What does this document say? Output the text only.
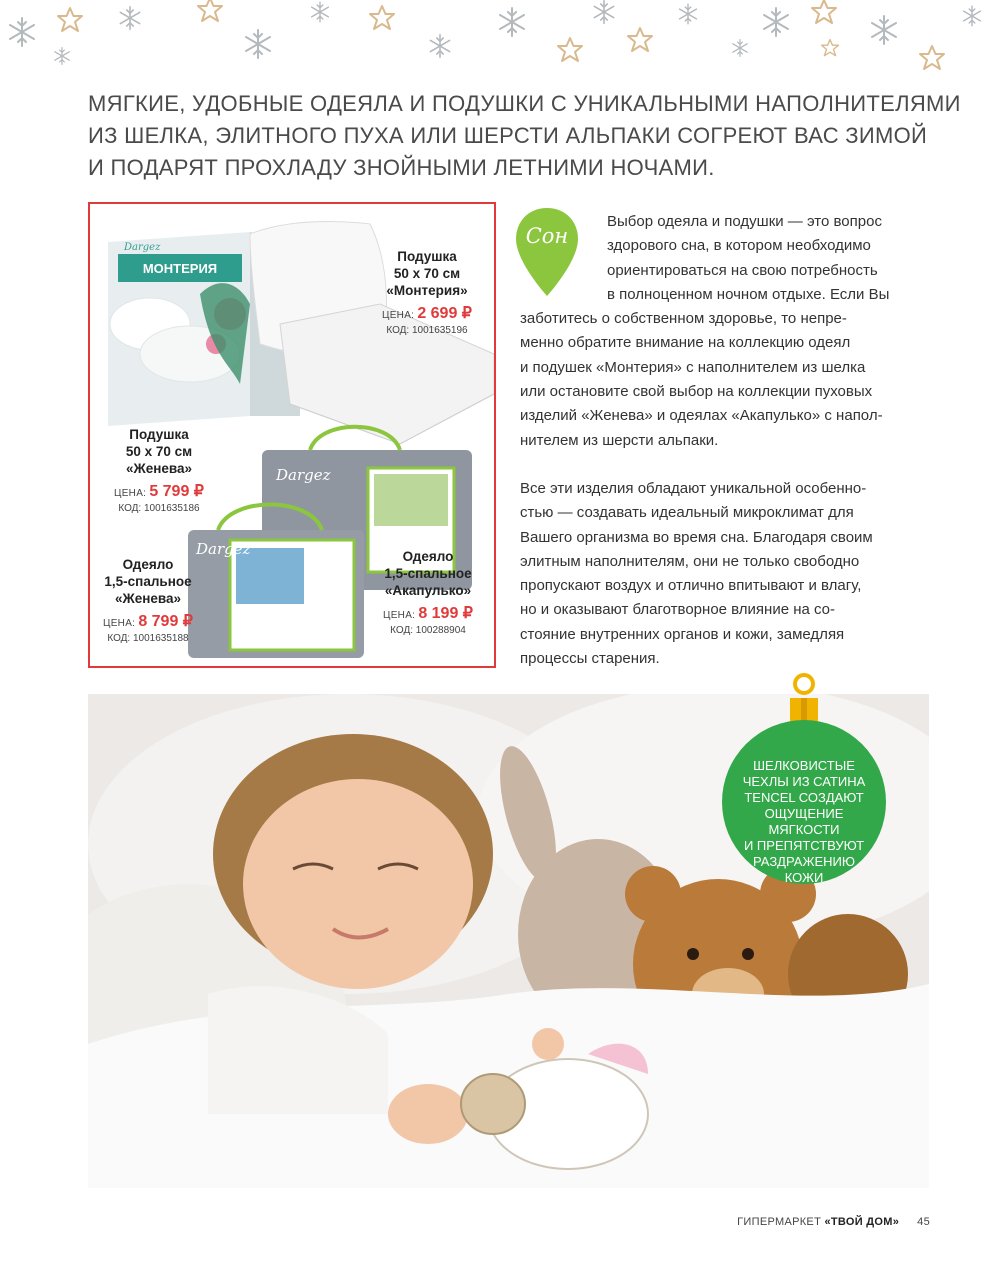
МЯГКИЕ, УДОБНЫЕ ОДЕЯЛА И ПОДУШКИ С УНИКАЛЬНЫМИ НАПОЛНИТЕЛЯМИ
ИЗ ШЕЛКА, ЭЛИТНОГО ПУХА ИЛИ ШЕРСТИ АЛЬПАКИ СОГРЕЮТ ВАС ЗИМОЙ
И ПОДАРЯТ ПРОХЛАДУ ЗНОЙНЫМИ ЛЕТНИМИ НОЧАМИ.
МОНТЕРИЯ
Dargez
Dargez
Dargez
Подушка
50 х 70 см
«Монтерия»
ЦЕНА: 2 699 ₽
КОД: 1001635196
Подушка
50 х 70 см
«Женева»
ЦЕНА: 5 799 ₽
КОД: 1001635186
Одеяло
1,5-спальное
«Женева»
ЦЕНА: 8 799 ₽
КОД: 1001635188
Одеяло
1,5-спальное
«Акапулько»
ЦЕНА: 8 199 ₽
КОД: 100288904
Сон

Выбор одеяла и подушки — это вопрос

здорового сна, в котором необходимо

ориентироваться на свою потребность

в полноценном ночном отдыхе. Если Вы

заботитесь о собственном здоровье, то непре-

менно обратите внимание на коллекцию одеял

и подушек «Монтерия» с наполнителем из шелка

или остановите свой выбор на коллекции пуховых

изделий «Женева» и одеялах «Акапулько» с напол-

нителем из шерсти альпаки.

Все эти изделия обладают уникальной особенно-

стью — создавать идеальный микроклимат для

Вашего организма во время сна. Благодаря своим

элитным наполнителям, они не только свободно

пропускают воздух и отлично впитывают и влагу,

но и оказывают благотворное влияние на со-

стояние внутренних органов и кожи, замедляя

процессы старения.

ШЕЛКОВИСТЫЕ
ЧЕХЛЫ ИЗ САТИНА
TENCEL СОЗДАЮТ
ОЩУЩЕНИЕ МЯГКОСТИ
И ПРЕПЯТСТВУЮТ
РАЗДРАЖЕНИЮ
КОЖИ
ГИПЕРМАРКЕТ «ТВОЙ ДОМ» 45
